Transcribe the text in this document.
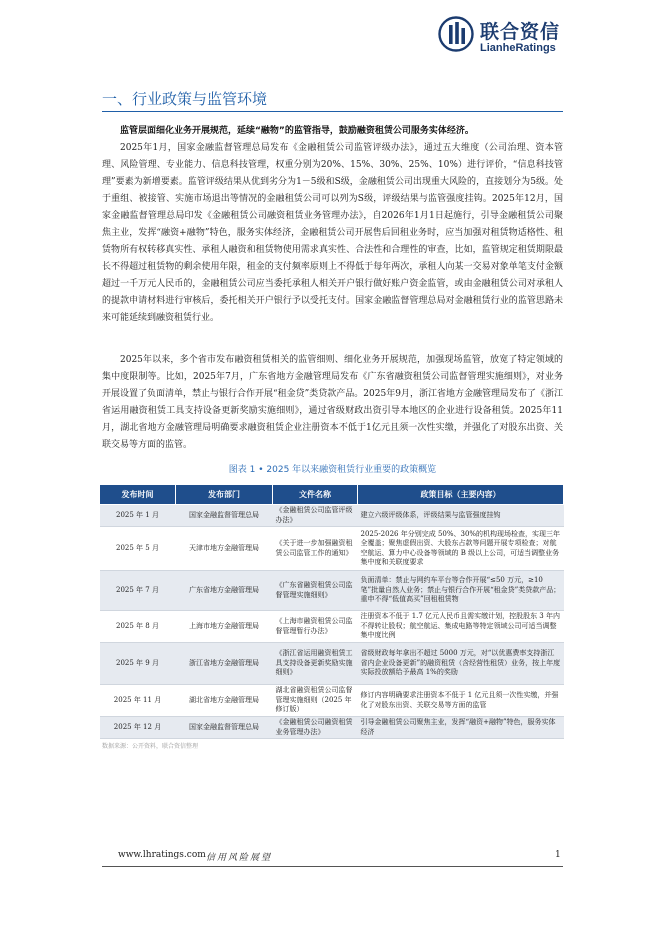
联合资信
LianheRatings
一、行业政策与监管环境
监管层面细化业务开展规范，延续“融物”的监管指导，鼓励融资租赁公司服务实体经济。

2025年1月，国家金融监督管理总局发布《金融租赁公司监管评级办法》，通过五大维度（公司治理、资本管理、风险管理、专业能力、信息科技管理，权重分别为20%、15%、30%、25%、10%）进行评价，“信息科技管理”要素为新增要素。监管评级结果从优到劣分为1－5级和S级，金融租赁公司出现重大风险的，直接划分为5级。处于重组、被接管、实施市场退出等情况的金融租赁公司可以列为S级，评级结果与监管强度挂钩。2025年12月，国家金融监督管理总局印发《金融租赁公司融资租赁业务管理办法》，自2026年1月1日起施行，引导金融租赁公司聚焦主业，发挥“融资+融物”特色，服务实体经济，金融租赁公司开展售后回租业务时，应当加强对租赁物适格性、租赁物所有权转移真实性、承租人融资和租赁物使用需求真实性、合法性和合理性的审查，比如，监管规定租赁期限最长不得超过租赁物的剩余使用年限，租金的支付频率原则上不得低于每年两次，承租人向某一交易对象单笔支付金额超过一千万元人民币的，金融租赁公司应当委托承租人相关开户银行做好账户资金监管，或由金融租赁公司对承租人的提款申请材料进行审核后，委托相关开户银行予以受托支付。国家金融监督管理总局对金融租赁行业的监管思路未来可能延续到融资租赁行业。

2025年以来，多个省市发布融资租赁相关的监管细则、细化业务开展规范，加强现场监管，放宽了特定领域的集中度限制等。比如，2025年7月，广东省地方金融管理局发布《广东省融资租赁公司监督管理实施细则》，对业务开展设置了负面清单，禁止与银行合作开展“租金贷”类贷款产品。2025年9月，浙江省地方金融管理局发布了《浙江省运用融资租赁工具支持设备更新奖励实施细则》，通过省级财政出资引导本地区的企业进行设备租赁。2025年11月，湖北省地方金融管理局明确要求融资租赁企业注册资本不低于1亿元且须一次性实缴，并强化了对股东出资、关联交易等方面的监管。

图表 1 • 2025 年以来融资租赁行业重要的政策概览
发布时间	发布部门	文件名称	政策目标（主要内容）
2025 年 1 月	国家金融监督管理总局	《金融租赁公司监管评级办法》	建立六级评级体系，评级结果与监管强度挂钩
2025 年 5 月	天津市地方金融管理局	《关于进一步加强融资租赁公司监管工作的通知》	2025-2026 年分别完成 50%、30%的机构现场检查，实现三年全覆盖；聚焦虚假出资、大股东占款等问题开展专项检查；对航空航运、算力中心设备等领域的 B 级以上公司，可适当调整业务集中度和关联度要求
2025 年 7 月	广东省地方金融管理局	《广东省融资租赁公司监督管理实施细则》	负面清单：禁止与网约车平台等合作开展“≤50 万元，≥10 笔”批量自然人业务；禁止与银行合作开展“租金贷”类贷款产品；重申不得“低值高买”回租租赁物
2025 年 8 月	上海市地方金融管理局	《上海市融资租赁公司监督管理暂行办法》	注册资本不低于 1.7 亿元人民币且需实缴计划，控股股东 3 年内不得转让股权；航空航运、集成电路等特定领域公司可适当调整集中度比例
2025 年 9 月	浙江省地方金融管理局	《浙江省运用融资租赁工具支持设备更新奖励实施细则》	省级财政每年拿出不超过 5000 万元，对“以优惠费率支持浙江省内企业设备更新”的融资租赁（含经营性租赁）业务，按上年度实际投放额给予最高 1%的奖励
2025 年 11 月	湖北省地方金融管理局	湖北省融资租赁公司监督管理实施细则（2025 年修订版）	修订内容明确要求注册资本不低于 1 亿元且须一次性实缴，并强化了对股东出资、关联交易等方面的监管
2025 年 12 月	国家金融监督管理总局	《金融租赁公司融资租赁业务管理办法》	引导金融租赁公司聚焦主业，发挥“融资+融物”特色，服务实体经济
数据来源：公开资料，联合资信整理
www.lhratings.com 信用风险展望	1
